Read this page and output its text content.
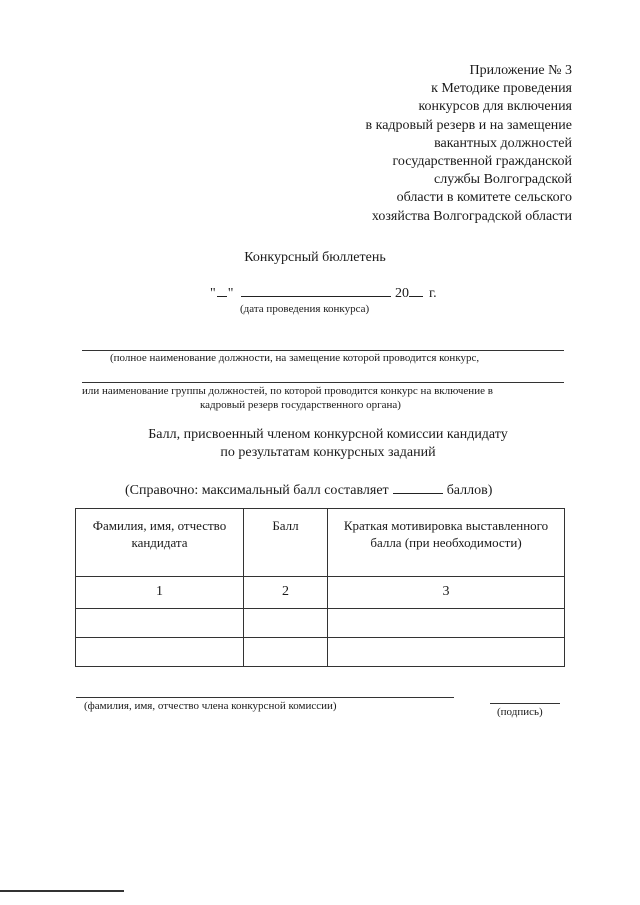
Приложение № 3
к Методике проведения
конкурсов для включения
в кадровый резерв и на замещение
вакантных должностей
государственной гражданской
службы Волгоградской
области в комитете сельского
хозяйства Волгоградской области
Конкурсный бюллетень
" "	20 г.
(дата проведения конкурса)
(полное наименование должности, на замещение которой проводится конкурс,
или наименование группы должностей, по которой проводится конкурс на включение в
кадровый резерв государственного органа)
Балл, присвоенный членом конкурсной комиссии кандидату
по результатам конкурсных заданий
(Справочно: максимальный балл составляет	баллов)
Фамилия, имя, отчество кандидата	Балл	Краткая мотивировка выставленного балла (при необходимости)
1	2	3

(фамилия, имя, отчество члена конкурсной комиссии)	(подпись)
